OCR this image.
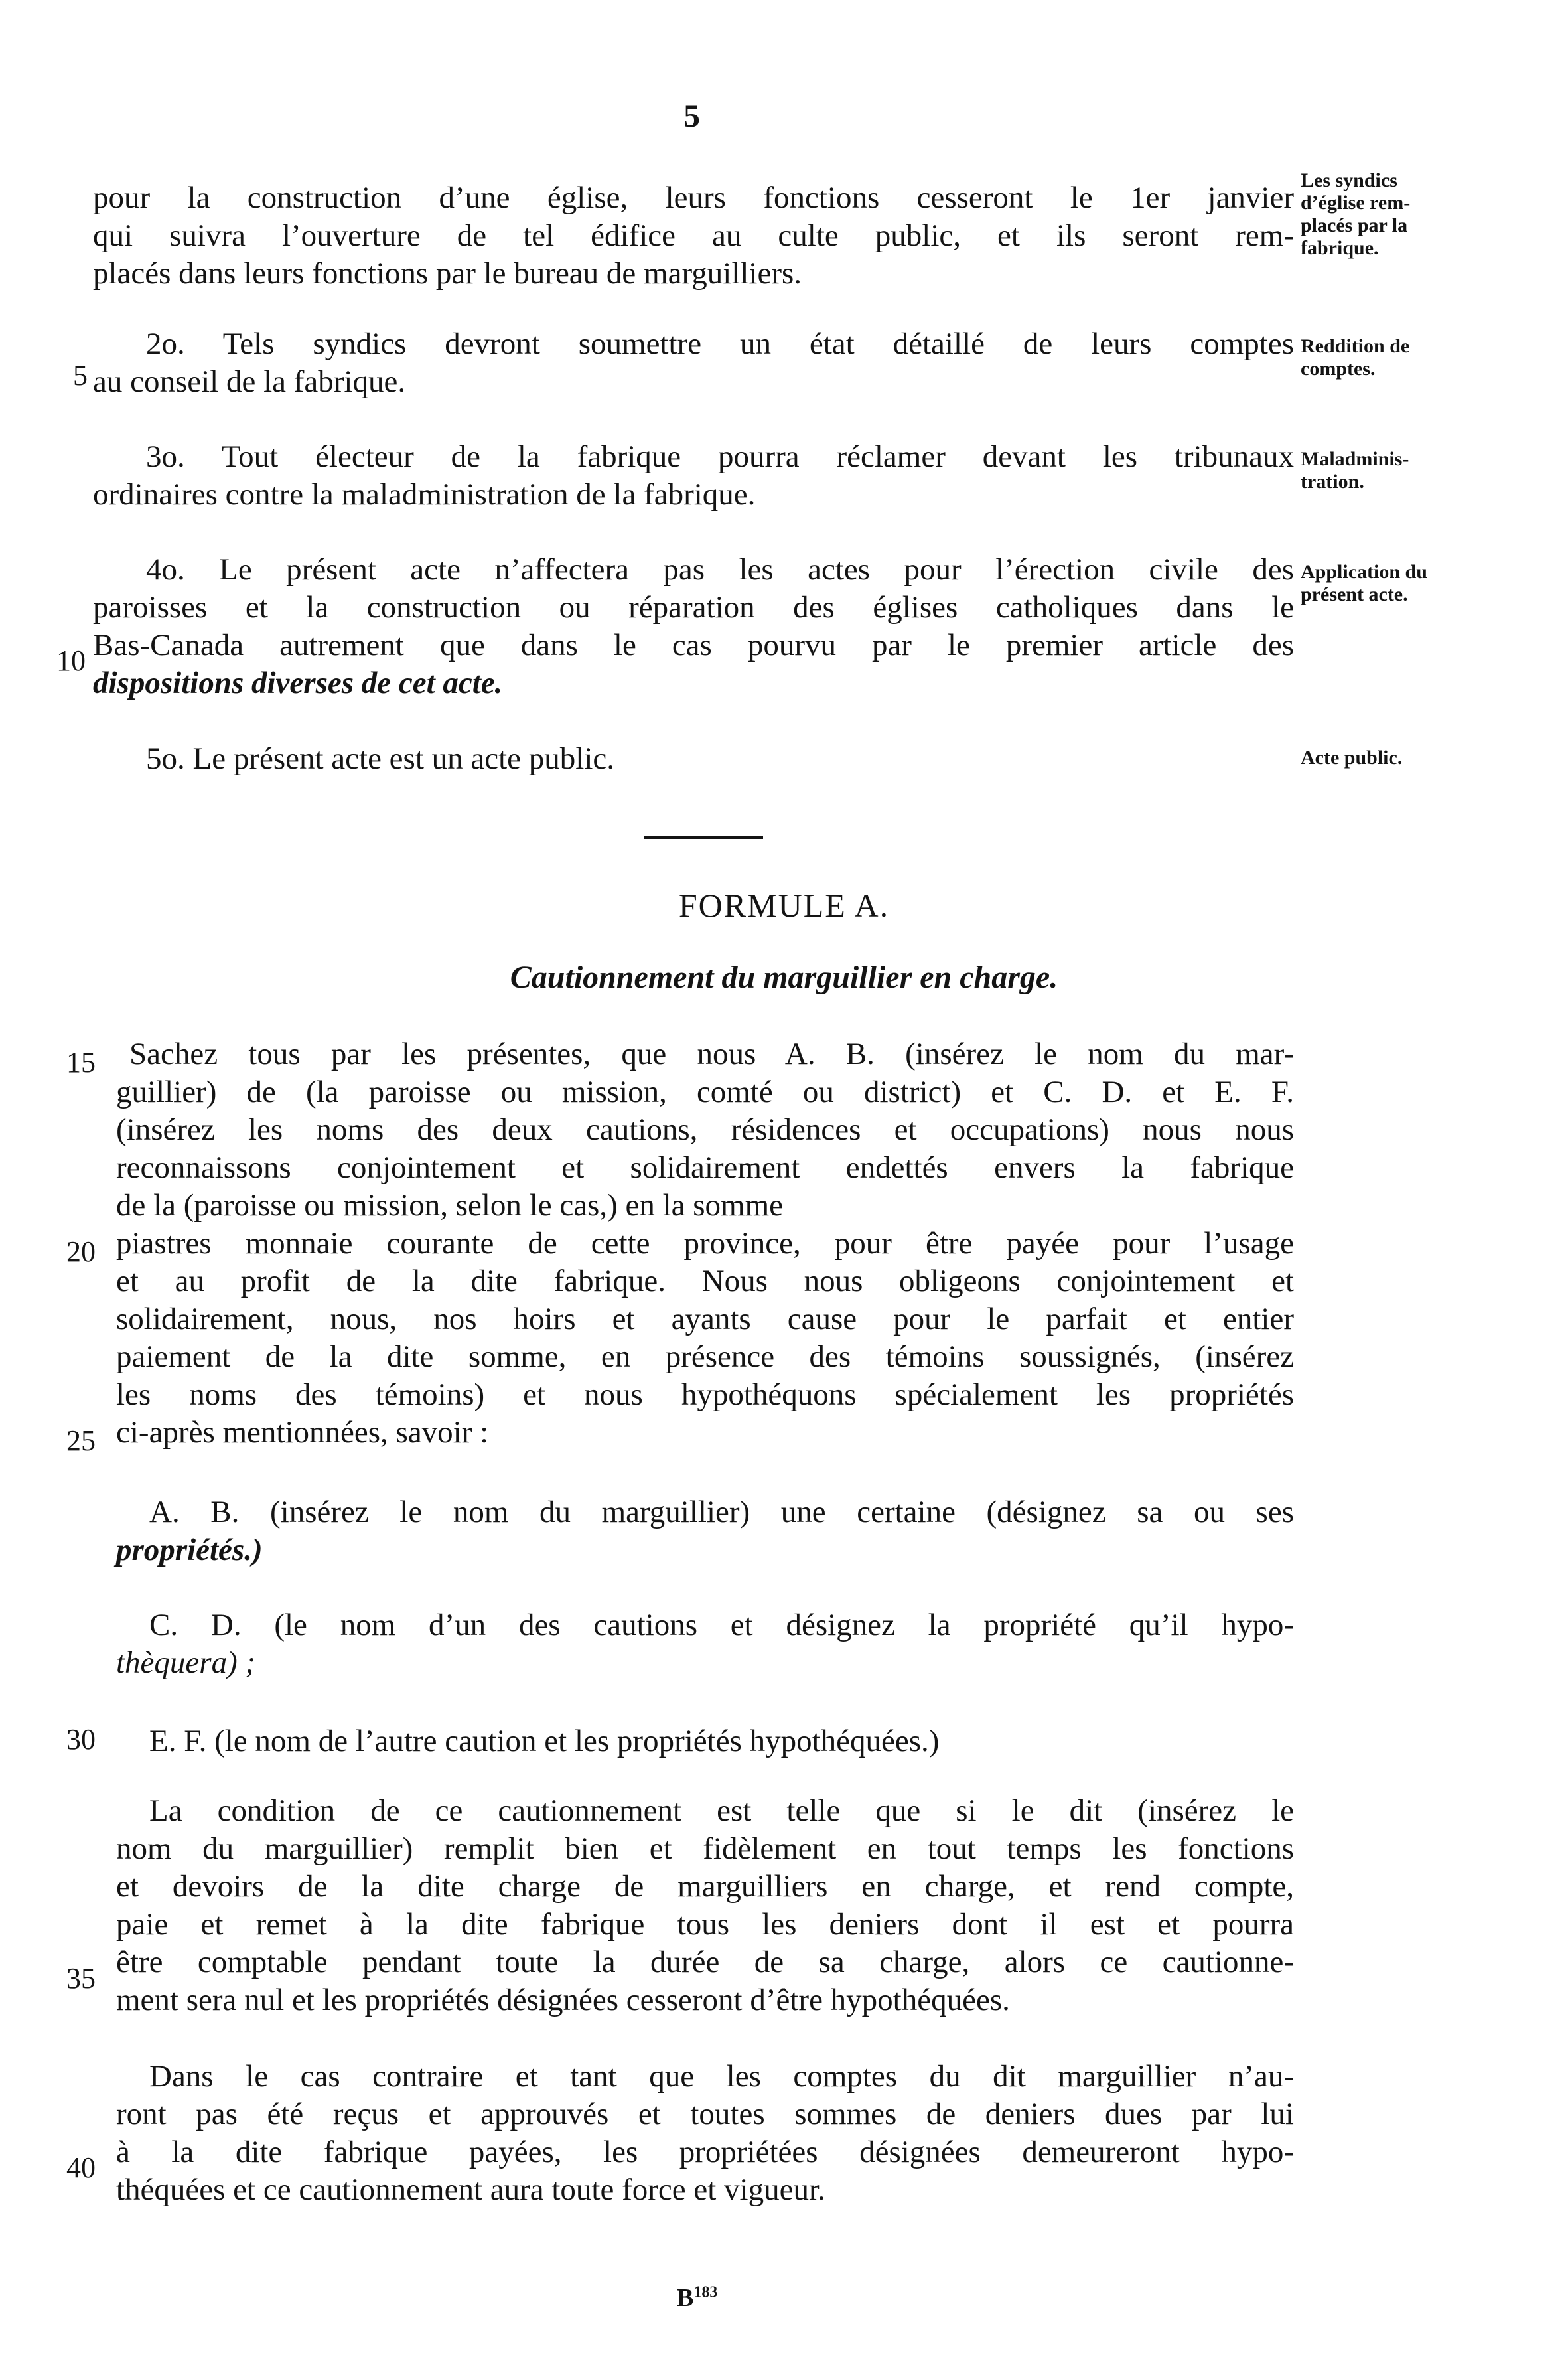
5
pour la construction d’une église, leurs fonctions cesseront le 1er janvier
qui suivra l’ouverture de tel édifice au culte public, et ils seront rem-
placés dans leurs fonctions par le bureau de marguilliers.
2o. Tels syndics devront soumettre un état détaillé de leurs comptes
au conseil de la fabrique.
3o. Tout électeur de la fabrique pourra réclamer devant les tribunaux
ordinaires contre la maladministration de la fabrique.
4o. Le présent acte n’affectera pas les actes pour l’érection civile des
paroisses et la construction ou réparation des églises catholiques dans le
Bas-Canada autrement que dans le cas pourvu par le premier article des
dispositions diverses de cet acte.
5o. Le présent acte est un acte public.
Les syndics
d’église rem-
placés par la
fabrique.
Reddition de
comptes.
Maladminis-
tration.
Application du
présent acte.
Acte public.
5
10
15
20
25
30
35
40
FORMULE A.
Cautionnement du marguillier en charge.
Sachez tous par les présentes, que nous A. B. (insérez le nom du mar-
guillier) de (la paroisse ou mission, comté ou district) et C. D. et E. F.
(insérez les noms des deux cautions, résidences et occupations) nous nous
reconnaissons conjointement et solidairement endettés envers la fabrique
de la (paroisse ou mission, selon le cas,) en la somme
piastres monnaie courante de cette province, pour être payée pour l’usage
et au profit de la dite fabrique. Nous nous obligeons conjointement et
solidairement, nous, nos hoirs et ayants cause pour le parfait et entier
paiement de la dite somme, en présence des témoins soussignés, (insérez
les noms des témoins) et nous hypothéquons spécialement les propriétés
ci-après mentionnées, savoir :
A. B. (insérez le nom du marguillier) une certaine (désignez sa ou ses
propriétés.)
C. D. (le nom d’un des cautions et désignez la propriété qu’il hypo-
thèquera) ;
E. F. (le nom de l’autre caution et les propriétés hypothéquées.)
La condition de ce cautionnement est telle que si le dit (insérez le
nom du marguillier) remplit bien et fidèlement en tout temps les fonctions
et devoirs de la dite charge de marguilliers en charge, et rend compte,
paie et remet à la dite fabrique tous les deniers dont il est et pourra
être comptable pendant toute la durée de sa charge, alors ce cautionne-
ment sera nul et les propriétés désignées cesseront d’être hypothéquées.
Dans le cas contraire et tant que les comptes du dit marguillier n’au-
ront pas été reçus et approuvés et toutes sommes de deniers dues par lui
à la dite fabrique payées, les propriétées désignées demeureront hypo-
théquées et ce cautionnement aura toute force et vigueur.
$B^{183}$
